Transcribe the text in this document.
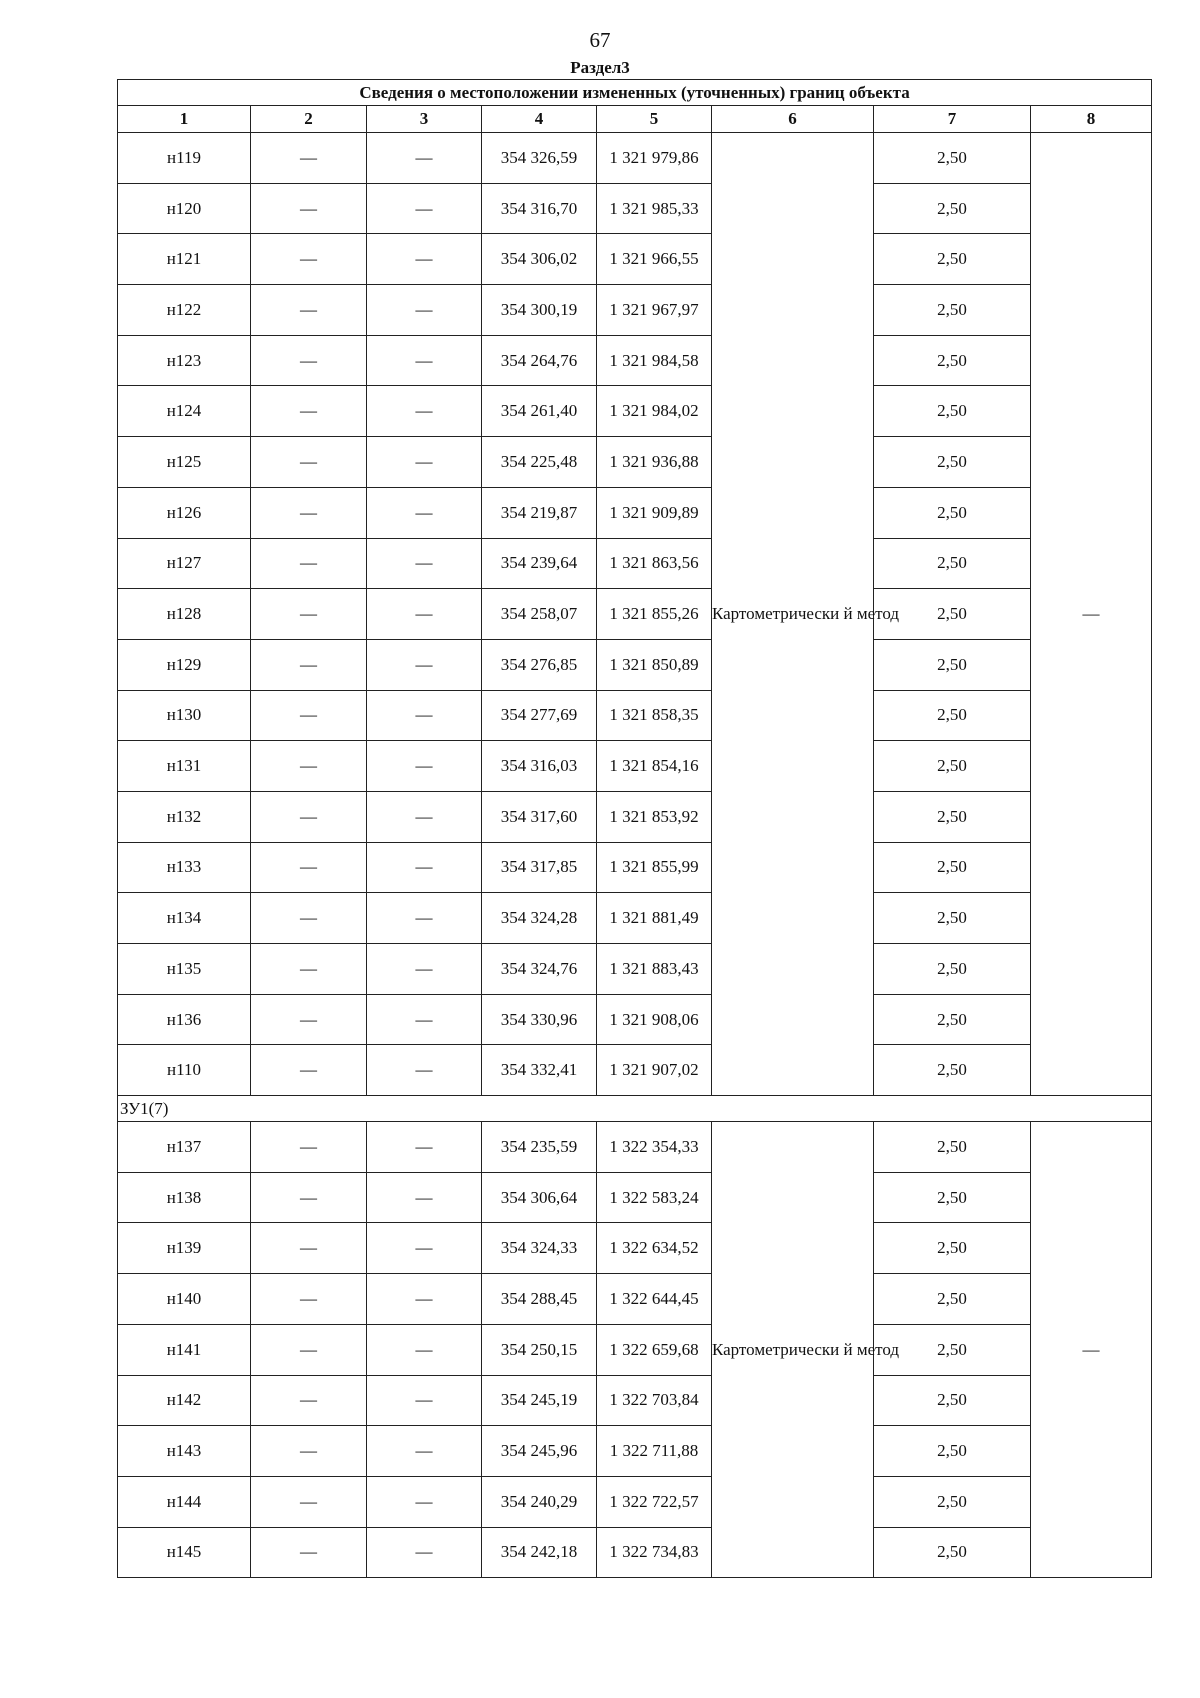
67
Раздел3
Сведения о местоположении измененных (уточненных) границ объекта							
1	2	3	4	5	6	7	8
н119	—	—	354 326,59	1 321 979,86	Картометрически й метод	2,50	—
н120	—	—	354 316,70	1 321 985,33		2,50	
н121	—	—	354 306,02	1 321 966,55		2,50	
н122	—	—	354 300,19	1 321 967,97		2,50	
н123	—	—	354 264,76	1 321 984,58		2,50	
н124	—	—	354 261,40	1 321 984,02		2,50	
н125	—	—	354 225,48	1 321 936,88		2,50	
н126	—	—	354 219,87	1 321 909,89		2,50	
н127	—	—	354 239,64	1 321 863,56		2,50	
н128	—	—	354 258,07	1 321 855,26		2,50	
н129	—	—	354 276,85	1 321 850,89		2,50	
н130	—	—	354 277,69	1 321 858,35		2,50	
н131	—	—	354 316,03	1 321 854,16		2,50	
н132	—	—	354 317,60	1 321 853,92		2,50	
н133	—	—	354 317,85	1 321 855,99		2,50	
н134	—	—	354 324,28	1 321 881,49		2,50	
н135	—	—	354 324,76	1 321 883,43		2,50	
н136	—	—	354 330,96	1 321 908,06		2,50	
н110	—	—	354 332,41	1 321 907,02		2,50	
ЗУ1(7)							
н137	—	—	354 235,59	1 322 354,33	Картометрически й метод	2,50	—
н138	—	—	354 306,64	1 322 583,24		2,50	
н139	—	—	354 324,33	1 322 634,52		2,50	
н140	—	—	354 288,45	1 322 644,45		2,50	
н141	—	—	354 250,15	1 322 659,68		2,50	
н142	—	—	354 245,19	1 322 703,84		2,50	
н143	—	—	354 245,96	1 322 711,88		2,50	
н144	—	—	354 240,29	1 322 722,57		2,50	
н145	—	—	354 242,18	1 322 734,83		2,50	
